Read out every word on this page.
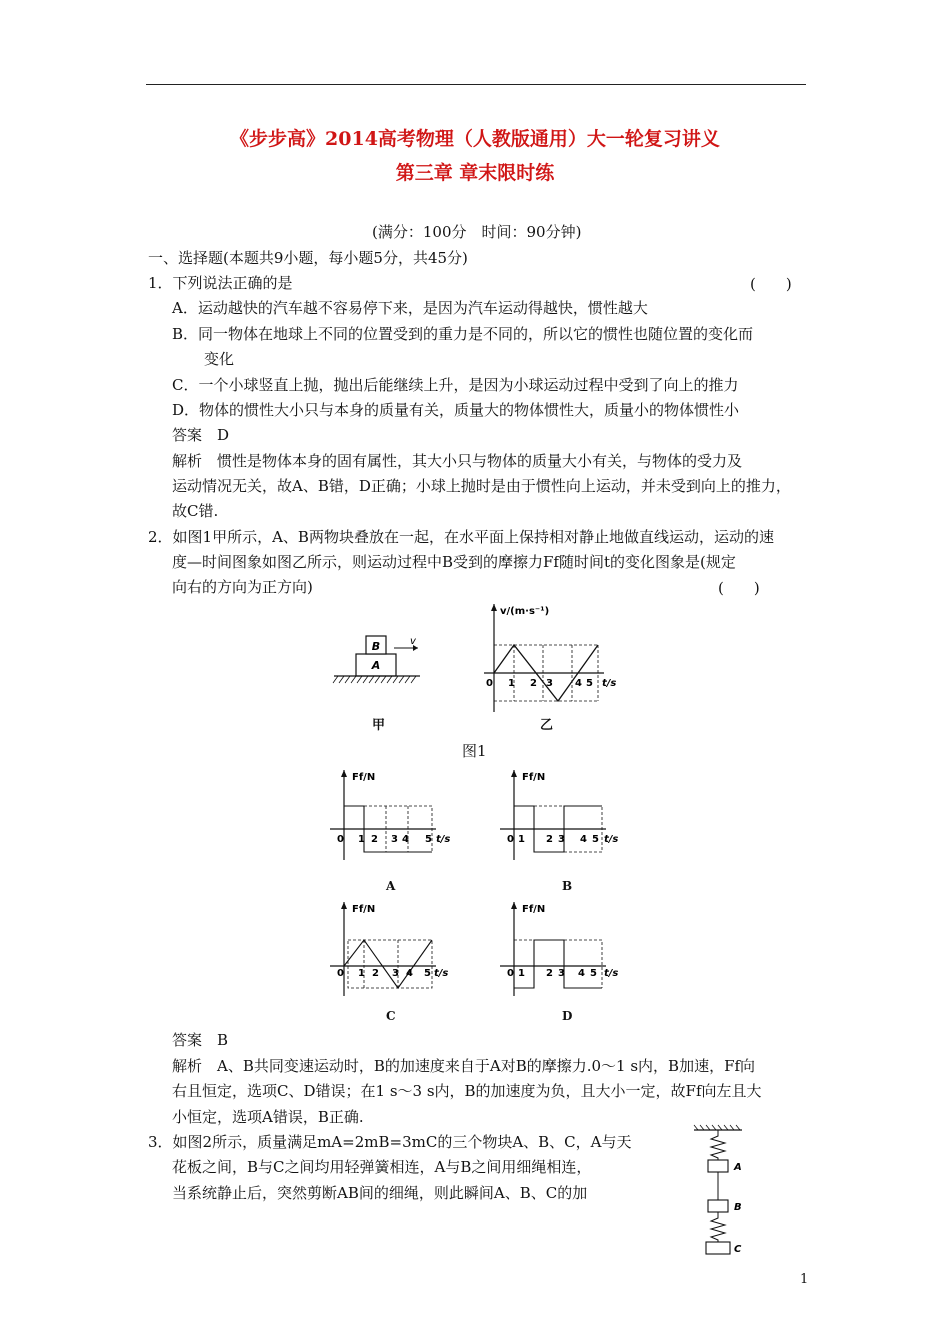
《步步高》2014高考物理（人教版通用）大一轮复习讲义
第三章 章末限时练
(满分：100分　时间：90分钟)
一、选择题(本题共9小题，每小题5分，共45分)
1．下列说法正确的是	(　　)
A．运动越快的汽车越不容易停下来，是因为汽车运动得越快，惯性越大
B．同一物体在地球上不同的位置受到的重力是不同的，所以它的惯性也随位置的变化而
变化
C．一个小球竖直上抛，抛出后能继续上升，是因为小球运动过程中受到了向上的推力
D．物体的惯性大小只与本身的质量有关，质量大的物体惯性大，质量小的物体惯性小
答案　D
解析　惯性是物体本身的固有属性，其大小只与物体的质量大小有关，与物体的受力及
运动情况无关，故A、B错，D正确；小球上抛时是由于惯性向上运动，并未受到向上的推力，
故C错.
2．如图1甲所示，A、B两物块叠放在一起，在水平面上保持相对静止地做直线运动，运动的速
度—时间图象如图乙所示，则运动过程中B受到的摩擦力Ff随时间t的变化图象是(规定
向右的方向为正方向)	(　　)
A
B	v
甲
v/(m·s⁻¹)
0 1 2 3 4 5 t/s
乙
图1
Ff/N
0 1 2 3 4 5 t/s
A
Ff/N
0 1 2 3 4 5 t/s
B
Ff/N
0 1 2 3 4 5 t/s
C
Ff/N
0 1 2 3 4 5 t/s
D
答案　B
解析　A、B共同变速运动时，B的加速度来自于A对B的摩擦力.0～1 s内，B加速，Ff向
右且恒定，选项C、D错误；在1 s～3 s内，B的加速度为负，且大小一定，故Ff向左且大
小恒定，选项A错误，B正确.
3．如图2所示，质量满足mA=2mB=3mC的三个物块A、B、C，A与天
花板之间，B与C之间均用轻弹簧相连，A与B之间用细绳相连，
当系统静止后，突然剪断AB间的细绳，则此瞬间A、B、C的加
A
B
C
1
